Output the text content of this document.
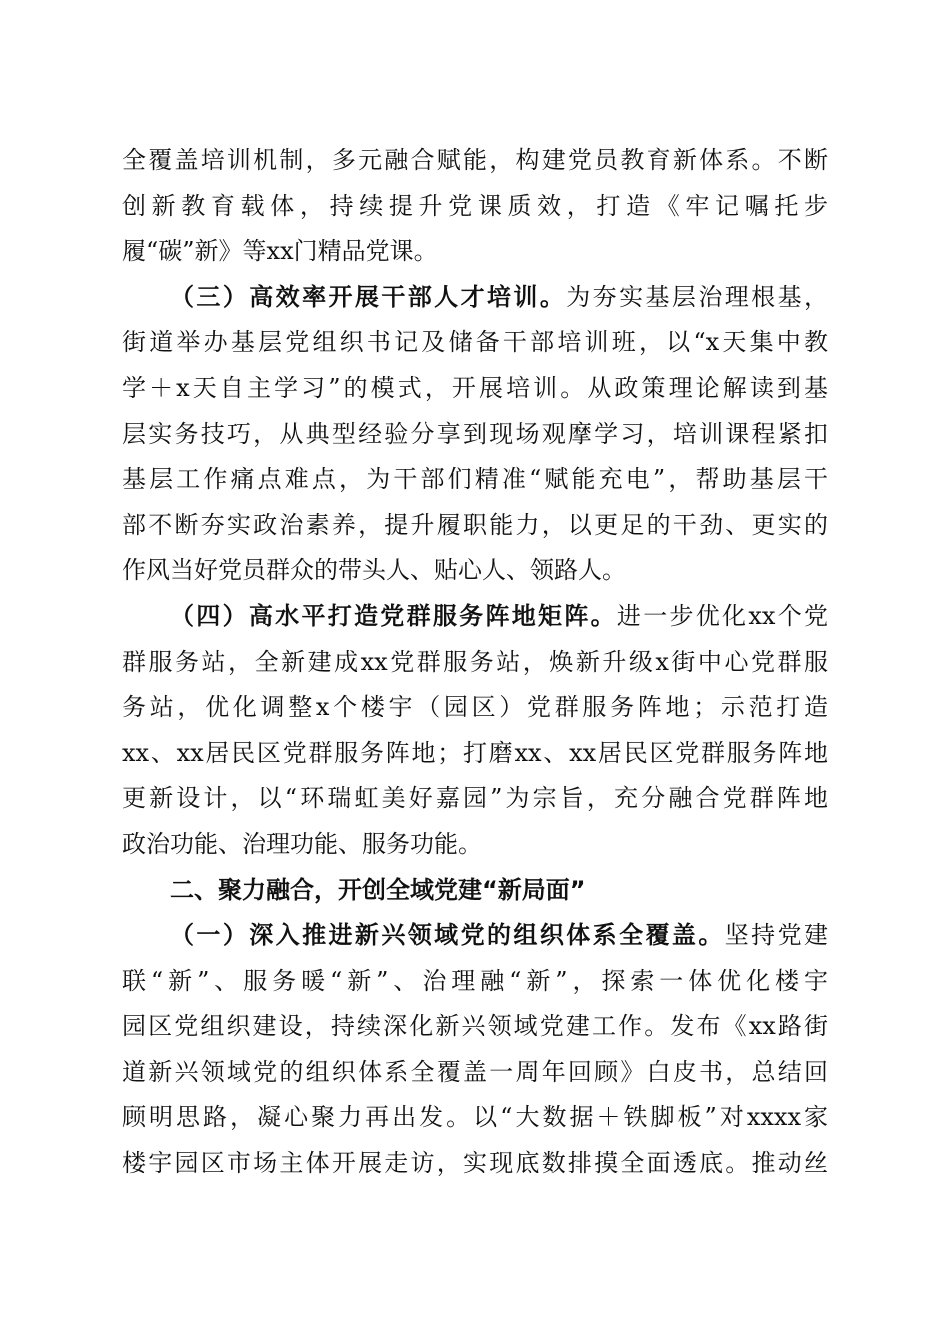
全覆盖培训机制，多元融合赋能，构建党员教育新体系。不断
创新教育载体，持续提升党课质效，打造《牢记嘱托步
履“碳”新》等xx门精品党课。
（三）高效率开展干部人才培训。为夯实基层治理根基，
街道举办基层党组织书记及储备干部培训班，以“x天集中教
学＋x天自主学习”的模式，开展培训。从政策理论解读到基
层实务技巧，从典型经验分享到现场观摩学习，培训课程紧扣
基层工作痛点难点，为干部们精准“赋能充电”，帮助基层干
部不断夯实政治素养，提升履职能力，以更足的干劲、更实的
作风当好党员群众的带头人、贴心人、领路人。
（四）高水平打造党群服务阵地矩阵。进一步优化xx个党
群服务站，全新建成xx党群服务站，焕新升级x街中心党群服
务站，优化调整x个楼宇（园区）党群服务阵地；示范打造
xx、xx居民区党群服务阵地；打磨xx、xx居民区党群服务阵地
更新设计，以“环瑞虹美好嘉园”为宗旨，充分融合党群阵地
政治功能、治理功能、服务功能。
二、聚力融合，开创全域党建“新局面”
（一）深入推进新兴领域党的组织体系全覆盖。坚持党建
联“新”、服务暖“新”、治理融“新”，探索一体优化楼宇
园区党组织建设，持续深化新兴领域党建工作。发布《xx路街
道新兴领域党的组织体系全覆盖一周年回顾》白皮书，总结回
顾明思路，凝心聚力再出发。以“大数据＋铁脚板”对xxxx家
楼宇园区市场主体开展走访，实现底数排摸全面透底。推动丝
